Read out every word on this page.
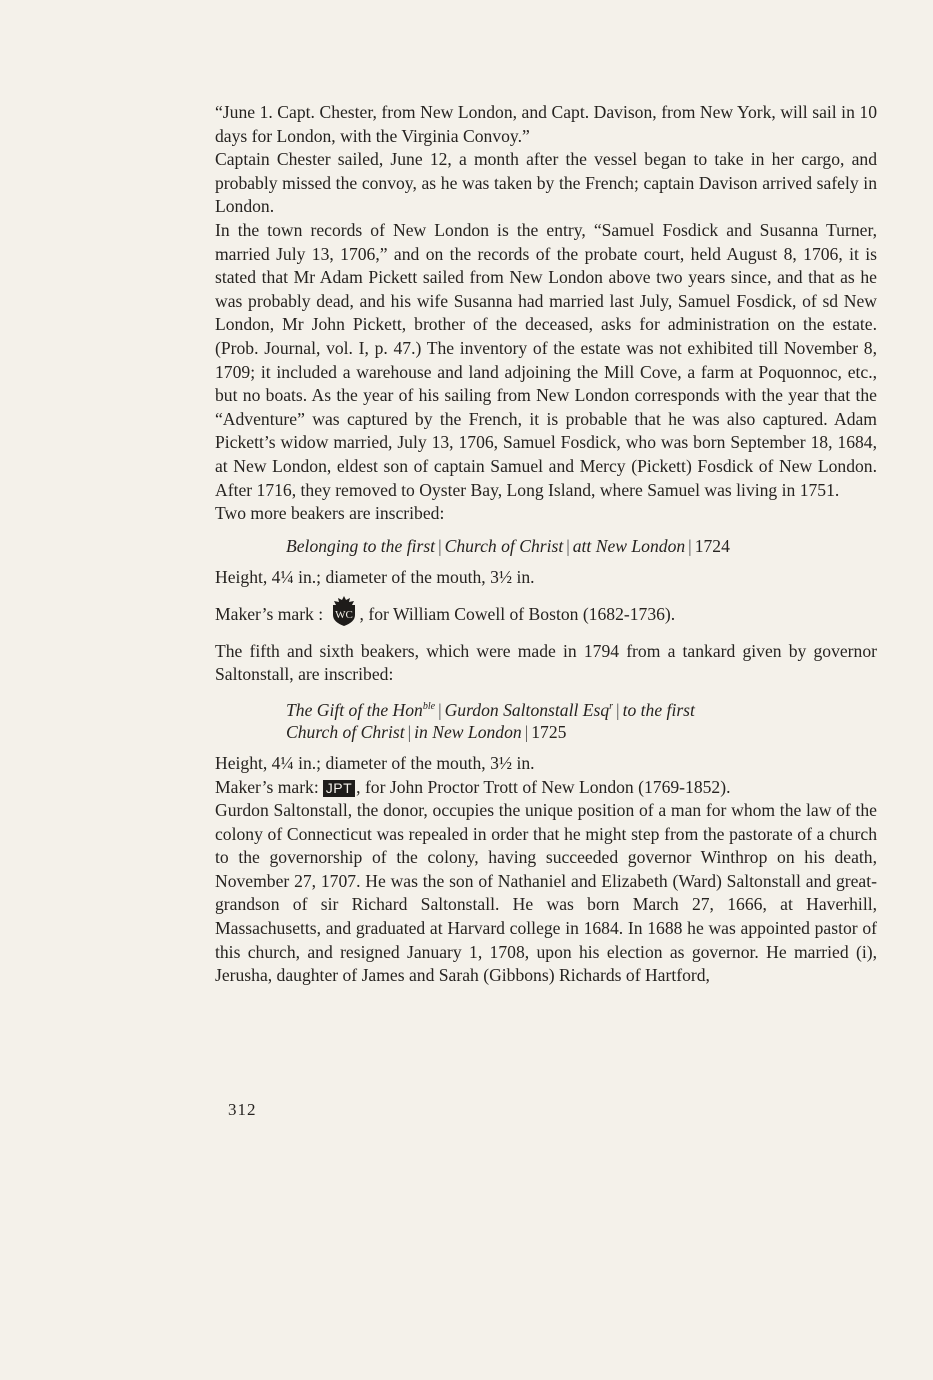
“June 1. Capt. Chester, from New London, and Capt. Davison, from New York, will sail in 10 days for London, with the Virginia Convoy.”

Captain Chester sailed, June 12, a month after the vessel began to take in her cargo, and probably missed the convoy, as he was taken by the French; captain Davison arrived safely in London.

In the town records of New London is the entry, “Samuel Fosdick and Susanna Turner, married July 13, 1706,” and on the records of the probate court, held August 8, 1706, it is stated that Mr Adam Pickett sailed from New London above two years since, and that as he was probably dead, and his wife Susanna had married last July, Samuel Fosdick, of sd New London, Mr John Pickett, brother of the deceased, asks for administration on the estate. (Prob. Journal, vol. I, p. 47.) The inventory of the estate was not exhibited till November 8, 1709; it included a warehouse and land adjoining the Mill Cove, a farm at Poquonnoc, etc., but no boats. As the year of his sailing from New London corresponds with the year that the “Adventure” was captured by the French, it is probable that he was also captured. Adam Pickett’s widow married, July 13, 1706, Samuel Fosdick, who was born September 18, 1684, at New London, eldest son of captain Samuel and Mercy (Pickett) Fosdick of New London. After 1716, they removed to Oyster Bay, Long Island, where Samuel was living in 1751.

Two more beakers are inscribed:

Belonging to the first | Church of Christ | att New London | 1724

Height, 4¼ in.; diameter of the mouth, 3½ in.

Maker’s mark : WC , for William Cowell of Boston (1682-1736).

The fifth and sixth beakers, which were made in 1794 from a tankard given by governor Saltonstall, are inscribed:

The Gift of the Hon$^{ble}$ | Gurdon Saltonstall Esq$^r$ | to the first
Church of Christ | in New London | 1725

Height, 4¼ in.; diameter of the mouth, 3½ in.

Maker’s mark: JPT , for John Proctor Trott of New London (1769-1852).

Gurdon Saltonstall, the donor, occupies the unique position of a man for whom the law of the colony of Connecticut was repealed in order that he might step from the pastorate of a church to the governorship of the colony, having succeeded governor Winthrop on his death, November 27, 1707. He was the son of Nathaniel and Elizabeth (Ward) Saltonstall and great-grandson of sir Richard Saltonstall. He was born March 27, 1666, at Haverhill, Massachusetts, and graduated at Harvard college in 1684. In 1688 he was appointed pastor of this church, and resigned January 1, 1708, upon his election as governor. He married (i), Jerusha, daughter of James and Sarah (Gibbons) Richards of Hartford,

312
